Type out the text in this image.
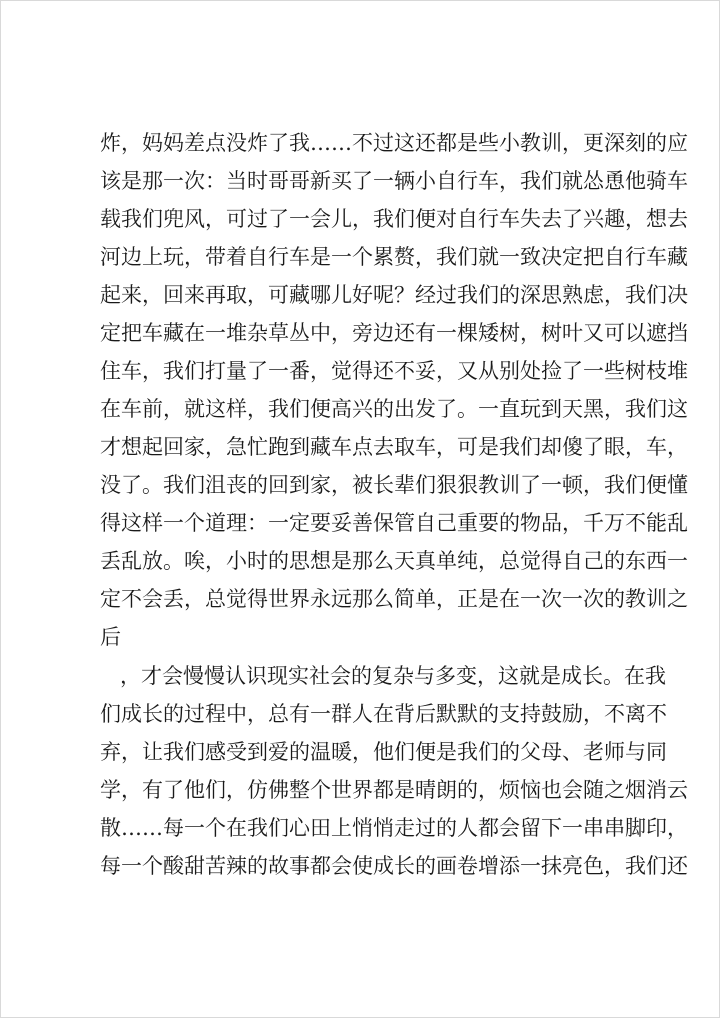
炸，妈妈差点没炸了我……不过这还都是些小教训，更深刻的应
该是那一次：当时哥哥新买了一辆小自行车，我们就怂恿他骑车
载我们兜风，可过了一会儿，我们便对自行车失去了兴趣，想去
河边上玩，带着自行车是一个累赘，我们就一致决定把自行车藏
起来，回来再取，可藏哪儿好呢？经过我们的深思熟虑，我们决
定把车藏在一堆杂草丛中，旁边还有一棵矮树，树叶又可以遮挡
住车，我们打量了一番，觉得还不妥，又从别处捡了一些树枝堆
在车前，就这样，我们便高兴的出发了。一直玩到天黑，我们这
才想起回家，急忙跑到藏车点去取车，可是我们却傻了眼，车，
没了。我们沮丧的回到家，被长辈们狠狠教训了一顿，我们便懂
得这样一个道理：一定要妥善保管自己重要的物品，千万不能乱
丢乱放。唉，小时的思想是那么天真单纯，总觉得自己的东西一
定不会丢，总觉得世界永远那么简单，正是在一次一次的教训之
后
，才会慢慢认识现实社会的复杂与多变，这就是成长。在我
们成长的过程中，总有一群人在背后默默的支持鼓励，不离不
弃，让我们感受到爱的温暖，他们便是我们的父母、老师与同
学，有了他们，仿佛整个世界都是晴朗的，烦恼也会随之烟消云
散……每一个在我们心田上悄悄走过的人都会留下一串串脚印，
每一个酸甜苦辣的故事都会使成长的画卷增添一抹亮色，我们还
